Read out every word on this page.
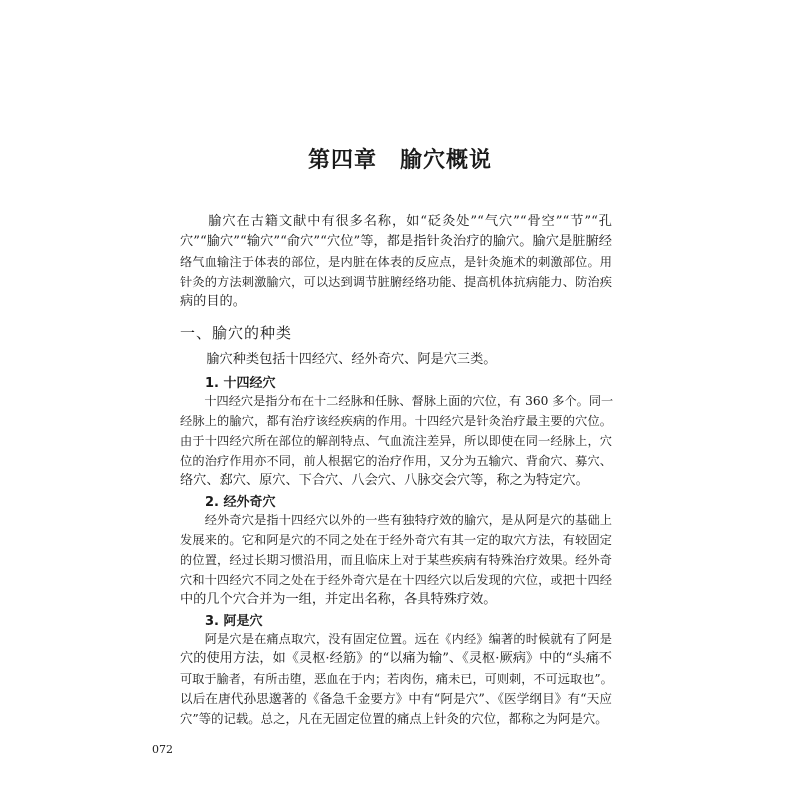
第四章　腧穴概说

　　腧穴在古籍文献中有很多名称，如“砭灸处”“气穴”“骨空”“节”“孔

穴”“腧穴”“输穴”“俞穴”“穴位”等，都是指针灸治疗的腧穴。腧穴是脏腑经

络气血输注于体表的部位，是内脏在体表的反应点，是针灸施术的刺激部位。用

针灸的方法刺激腧穴，可以达到调节脏腑经络功能、提高机体抗病能力、防治疾

病的目的。

一、腧穴的种类

　　腧穴种类包括十四经穴、经外奇穴、阿是穴三类。

1. 十四经穴

　　十四经穴是指分布在十二经脉和任脉、督脉上面的穴位，有 360 多个。同一

经脉上的腧穴，都有治疗该经疾病的作用。十四经穴是针灸治疗最主要的穴位。

由于十四经穴所在部位的解剖特点、气血流注差异，所以即使在同一经脉上，穴

位的治疗作用亦不同，前人根据它的治疗作用，又分为五输穴、背俞穴、募穴、

络穴、郄穴、原穴、下合穴、八会穴、八脉交会穴等，称之为特定穴。

2. 经外奇穴

　　经外奇穴是指十四经穴以外的一些有独特疗效的腧穴，是从阿是穴的基础上

发展来的。它和阿是穴的不同之处在于经外奇穴有其一定的取穴方法，有较固定

的位置，经过长期习惯沿用，而且临床上对于某些疾病有特殊治疗效果。经外奇

穴和十四经穴不同之处在于经外奇穴是在十四经穴以后发现的穴位，或把十四经

中的几个穴合并为一组，并定出名称，各具特殊疗效。

3. 阿是穴

　　阿是穴是在痛点取穴，没有固定位置。远在《内经》编著的时候就有了阿是

穴的使用方法，如《灵枢·经筋》的“以痛为输”、《灵枢·厥病》中的“头痛不

可取于腧者，有所击堕，恶血在于内；若肉伤，痛未已，可则刺，不可远取也”。

以后在唐代孙思邈著的《备急千金要方》中有“阿是穴”、《医学纲目》有“天应

穴”等的记载。总之，凡在无固定位置的痛点上针灸的穴位，都称之为阿是穴。

072
